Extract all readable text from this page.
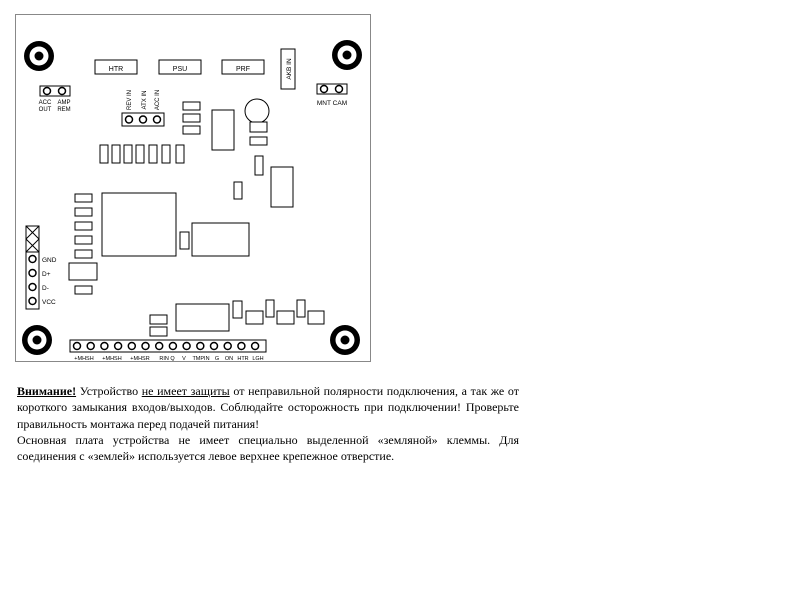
HTR	PSU	PRF	AKB IN
ACC
OUT
AMP
REM
MNT CAM
REV IN ATX IN ACC IN
GND
D+
D-
VCC
+MHSH +MHSH +MHSR RIN Q V TMPIN G ON HTR LGH

Внимание! Устройство не имеет защиты от неправильной полярности подключения, а так же от короткого замыкания входов/выходов. Соблюдайте осторожность при подключении! Проверьте правильность монтажа перед подачей питания!

Основная плата устройства не имеет специально выделенной «земляной» клеммы. Для соединения с «землей» используется левое верхнее крепежное отверстие.
